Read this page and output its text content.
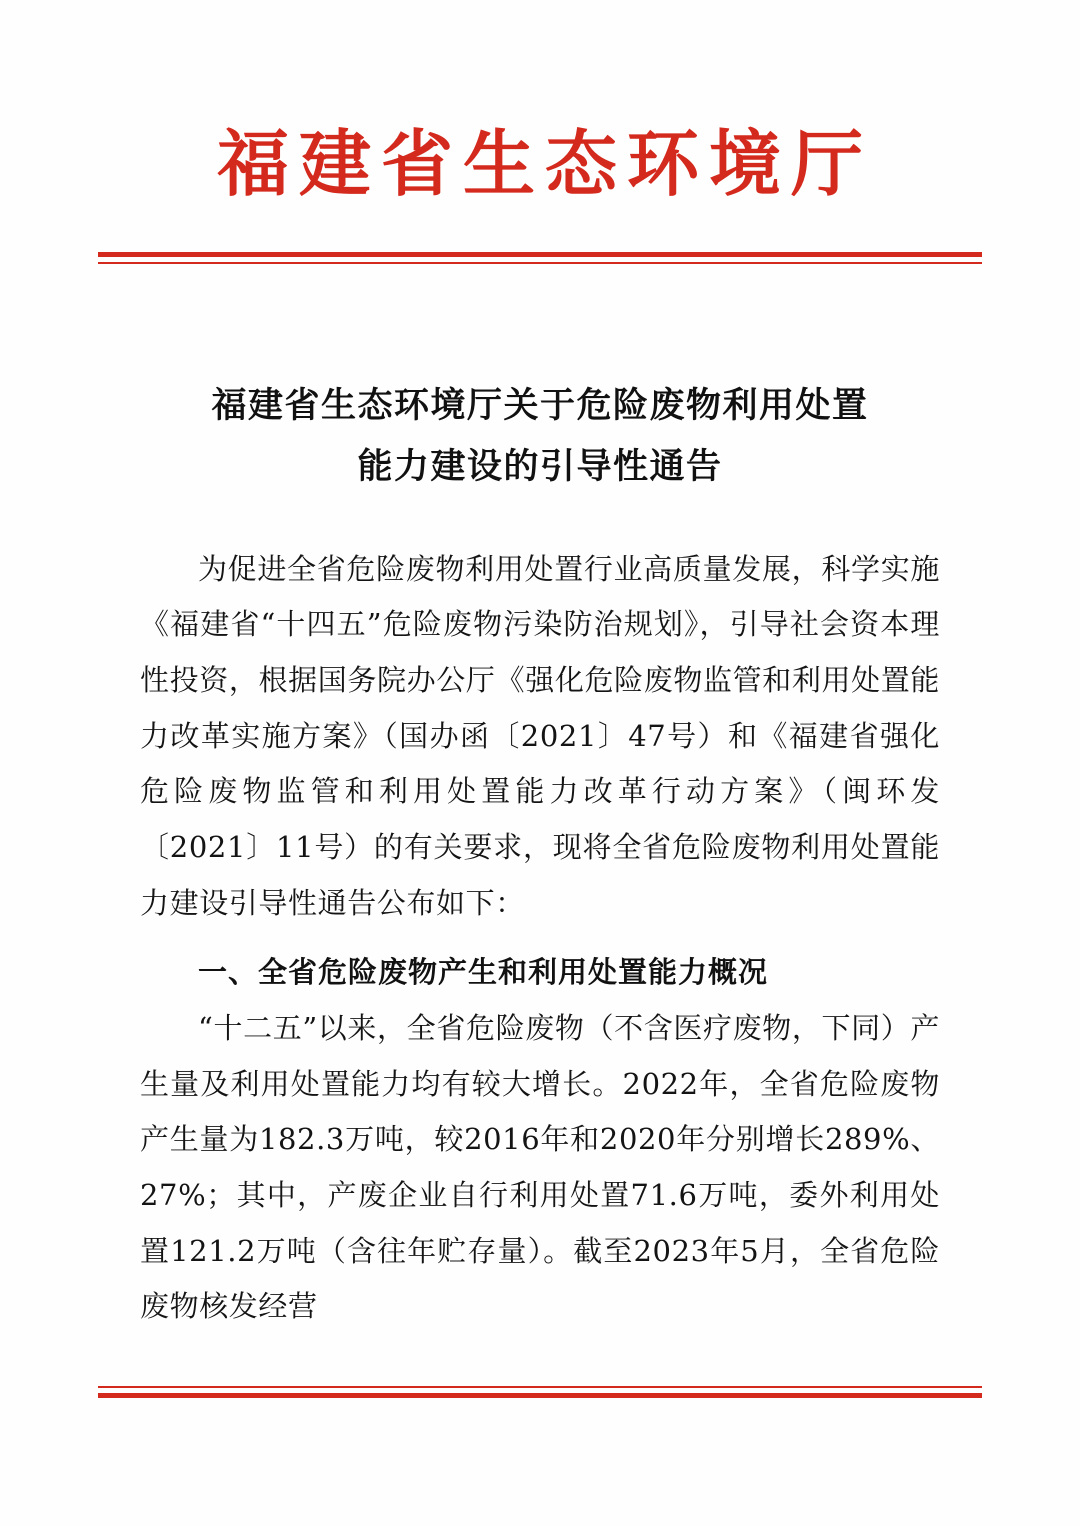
福建省生态环境厅
福建省生态环境厅关于危险废物利用处置
能力建设的引导性通告

为促进全省危险废物利用处置行业高质量发展，科学实施《福建省“十四五”危险废物污染防治规划》，引导社会资本理性投资，根据国务院办公厅《强化危险废物监管和利用处置能力改革实施方案》（国办函〔2021〕47号）和《福建省强化危险废物监管和利用处置能力改革行动方案》（闽环发〔2021〕11号）的有关要求，现将全省危险废物利用处置能力建设引导性通告公布如下：

一、全省危险废物产生和利用处置能力概况

“十二五”以来，全省危险废物（不含医疗废物，下同）产生量及利用处置能力均有较大增长。2022年，全省危险废物产生量为182.3万吨，较2016年和2020年分别增长289%、27%；其中，产废企业自行利用处置71.6万吨，委外利用处置121.2万吨（含往年贮存量）。截至2023年5月，全省危险废物核发经营
